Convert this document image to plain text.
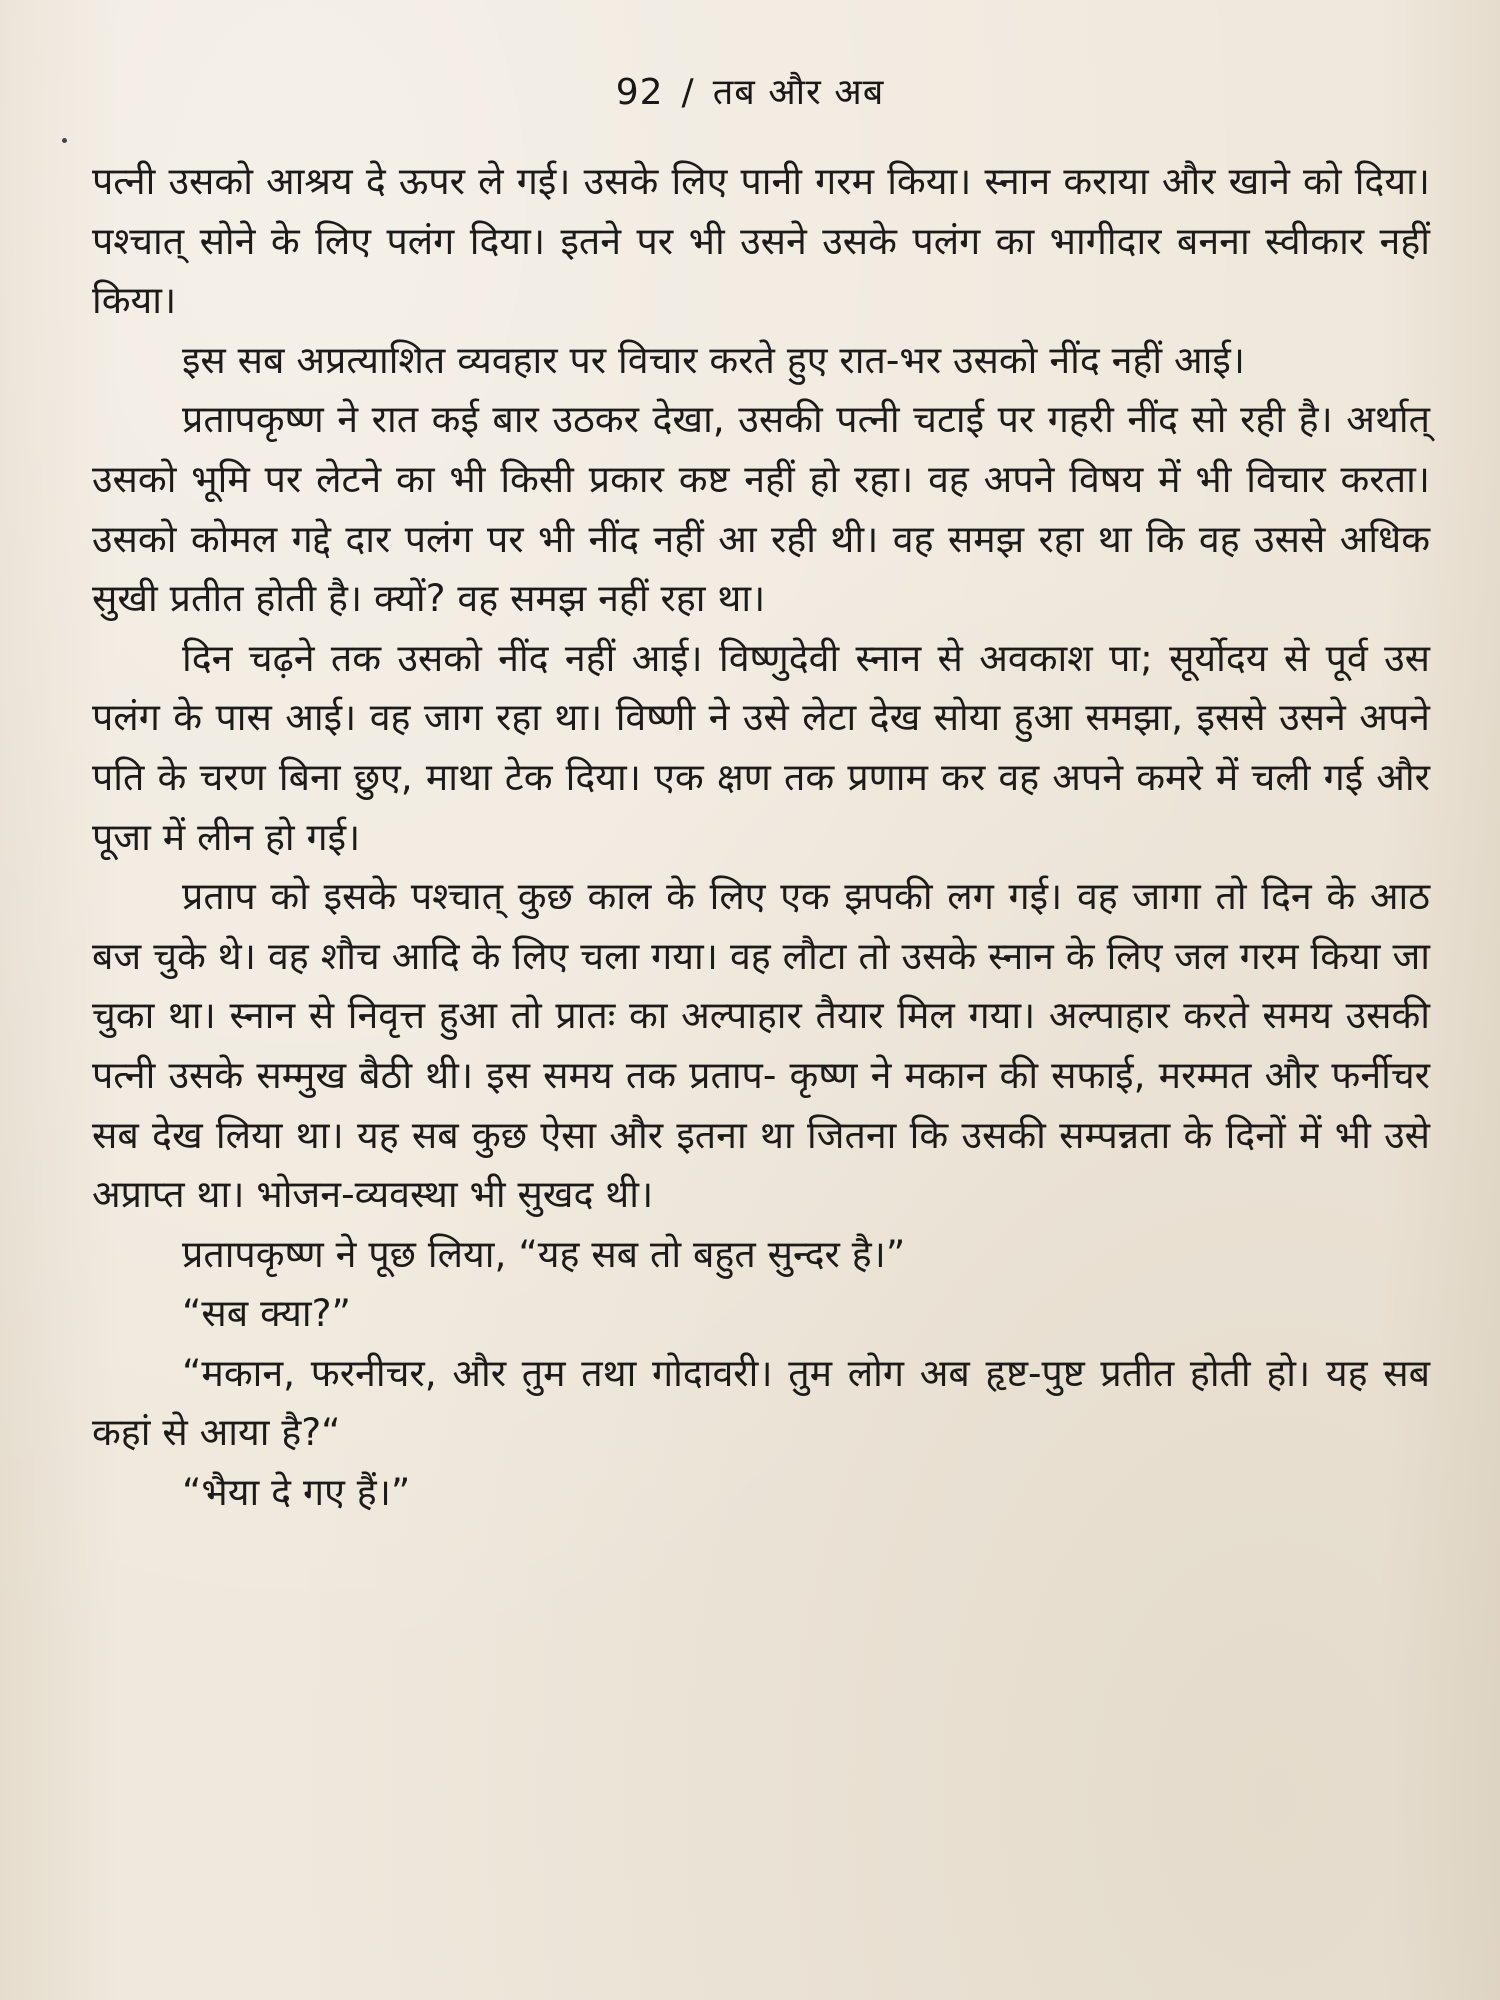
92 / तब और अब

पत्नी उसको आश्रय दे ऊपर ले गई। उसके लिए पानी गरम किया। स्नान कराया और खाने को दिया। पश्चात् सोने के लिए पलंग दिया। इतने पर भी उसने उसके पलंग का भागीदार बनना स्वीकार नहीं किया।

इस सब अप्रत्याशित व्यवहार पर विचार करते हुए रात-भर उसको नींद नहीं आई।

प्रतापकृष्ण ने रात कई बार उठकर देखा, उसकी पत्नी चटाई पर गहरी नींद सो रही है। अर्थात् उसको भूमि पर लेटने का भी किसी प्रकार कष्ट नहीं हो रहा। वह अपने विषय में भी विचार करता। उसको कोमल गद्दे दार पलंग पर भी नींद नहीं आ रही थी। वह समझ रहा था कि वह उससे अधिक सुखी प्रतीत होती है। क्यों? वह समझ नहीं रहा था।

दिन चढ़ने तक उसको नींद नहीं आई। विष्णुदेवी स्नान से अवकाश पा; सूर्योदय से पूर्व उस पलंग के पास आई। वह जाग रहा था। विष्णी ने उसे लेटा देख सोया हुआ समझा, इससे उसने अपने पति के चरण बिना छुए, माथा टेक दिया। एक क्षण तक प्रणाम कर वह अपने कमरे में चली गई और पूजा में लीन हो गई।

प्रताप को इसके पश्चात् कुछ काल के लिए एक झपकी लग गई। वह जागा तो दिन के आठ बज चुके थे। वह शौच आदि के लिए चला गया। वह लौटा तो उसके स्नान के लिए जल गरम किया जा चुका था। स्नान से निवृत्त हुआ तो प्रातः का अल्पाहार तैयार मिल गया। अल्पाहार करते समय उसकी पत्नी उसके सम्मुख बैठी थी। इस समय तक प्रताप- कृष्ण ने मकान की सफाई, मरम्मत और फर्नीचर सब देख लिया था। यह सब कुछ ऐसा और इतना था जितना कि उसकी सम्पन्नता के दिनों में भी उसे अप्राप्त था। भोजन-व्यवस्था भी सुखद थी।

प्रतापकृष्ण ने पूछ लिया, “यह सब तो बहुत सुन्दर है।”

“सब क्या?”

“मकान, फरनीचर, और तुम तथा गोदावरी। तुम लोग अब हृष्ट-पुष्ट प्रतीत होती हो। यह सब कहां से आया है?“

“भैया दे गए हैं।”
